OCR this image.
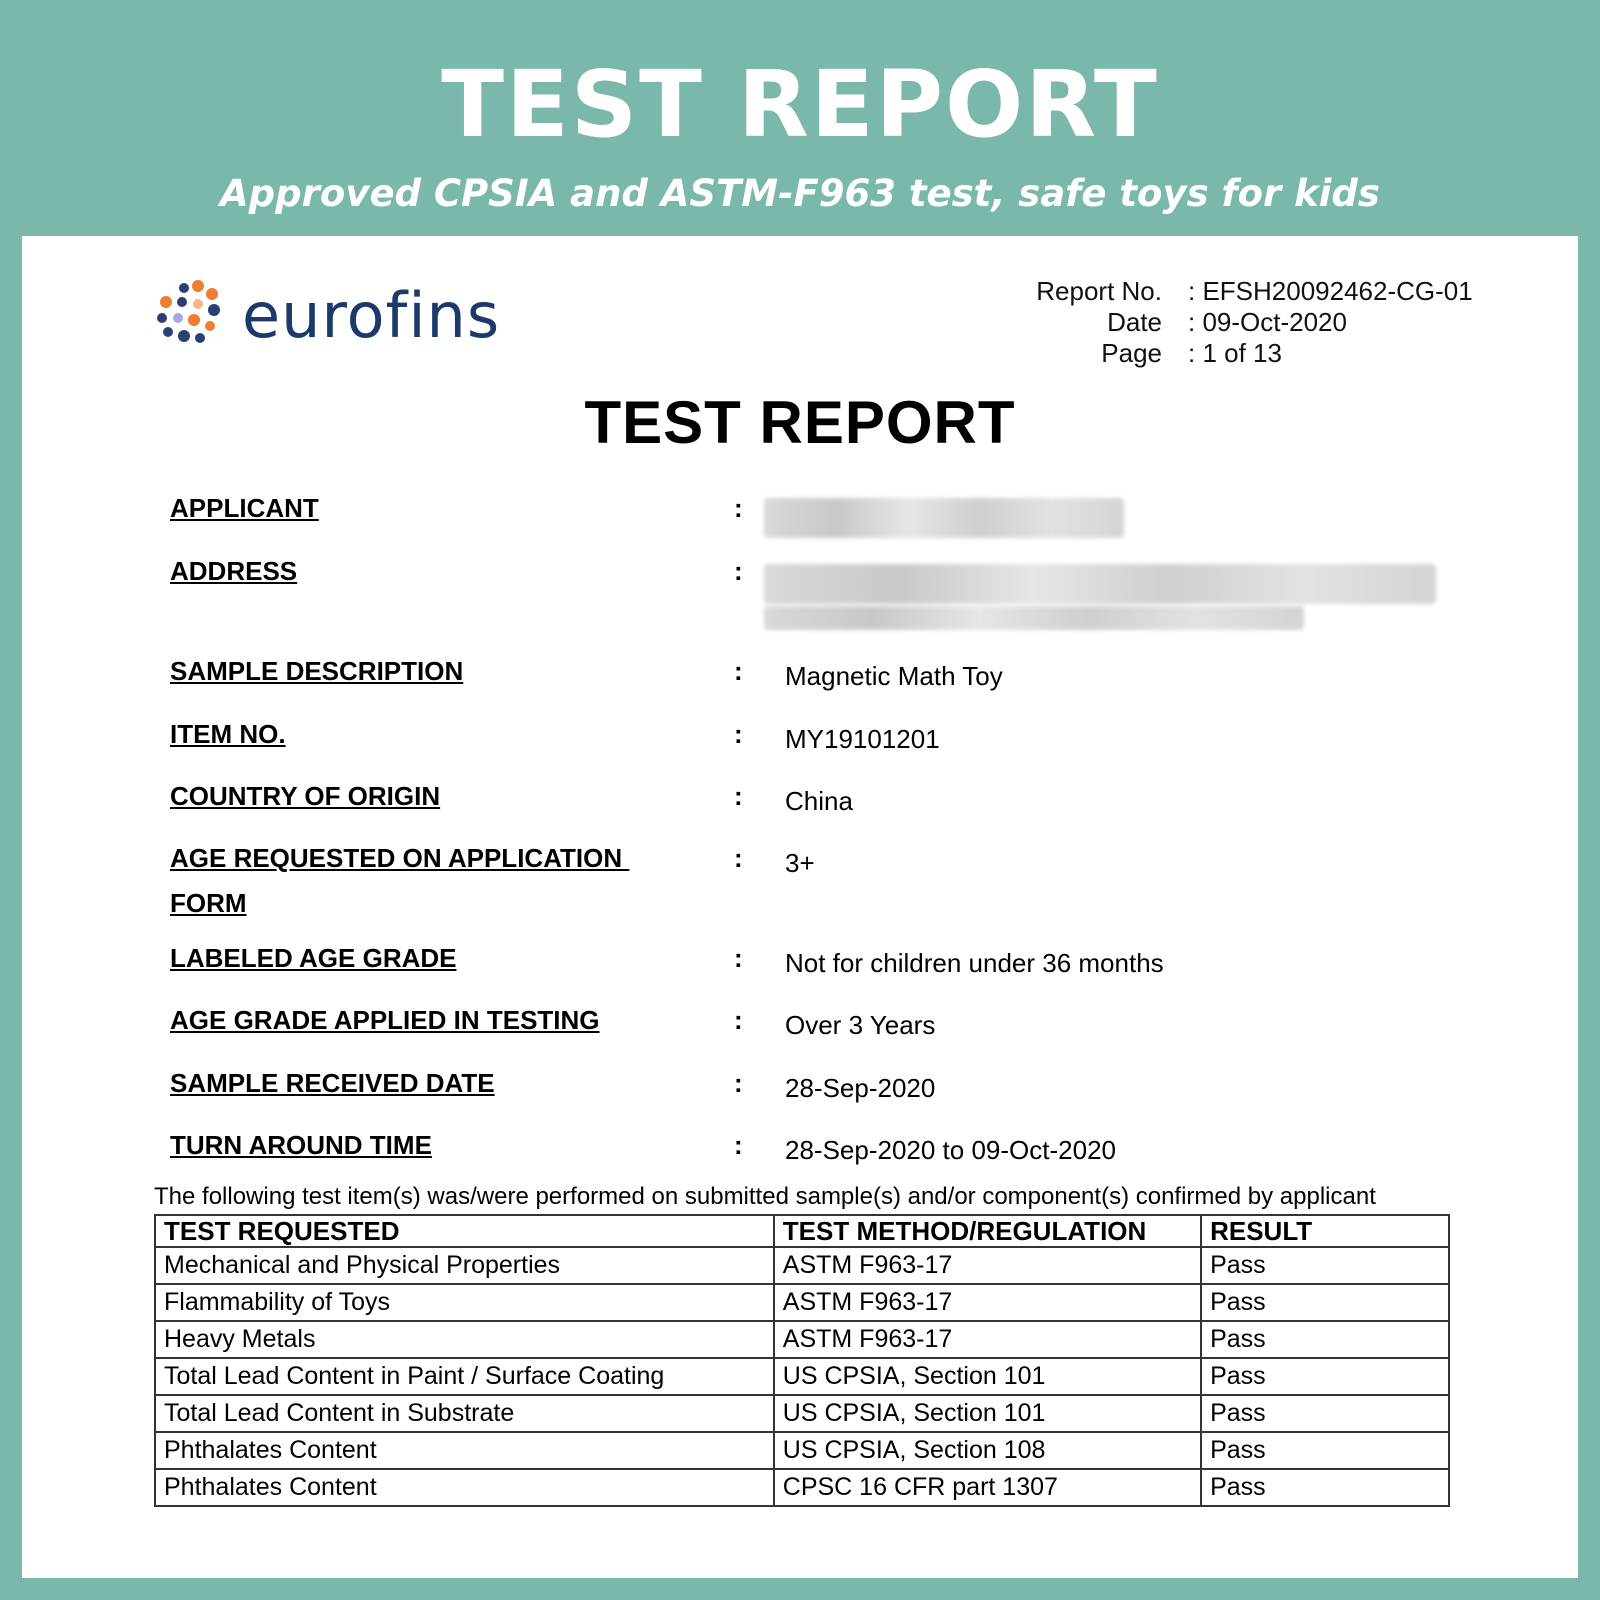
TEST REPORT
Approved CPSIA and ASTM-F963 test, safe toys for kids
eurofins	Report No.	: EFSH20092462-CG-01
Date	: 09-Oct-2020
Page	: 1 of 13
TEST REPORT
APPLICANT	:
ADDRESS	:
SAMPLE DESCRIPTION	: Magnetic Math Toy
ITEM NO.	: MY19101201
COUNTRY OF ORIGIN	: China
AGE REQUESTED ON APPLICATION
FORM
: 3+
LABELED AGE GRADE	: Not for children under 36 months
AGE GRADE APPLIED IN TESTING	: Over 3 Years
SAMPLE RECEIVED DATE	: 28-Sep-2020
TURN AROUND TIME	: 28-Sep-2020 to 09-Oct-2020
The following test item(s) was/were performed on submitted sample(s) and/or component(s) confirmed by applicant
TEST REQUESTED	TEST METHOD/REGULATION	RESULT
Mechanical and Physical Properties	ASTM F963-17	Pass
Flammability of Toys	ASTM F963-17	Pass
Heavy Metals	ASTM F963-17	Pass
Total Lead Content in Paint / Surface Coating	US CPSIA, Section 101	Pass
Total Lead Content in Substrate	US CPSIA, Section 101	Pass
Phthalates Content	US CPSIA, Section 108	Pass
Phthalates Content	CPSC 16 CFR part 1307	Pass
